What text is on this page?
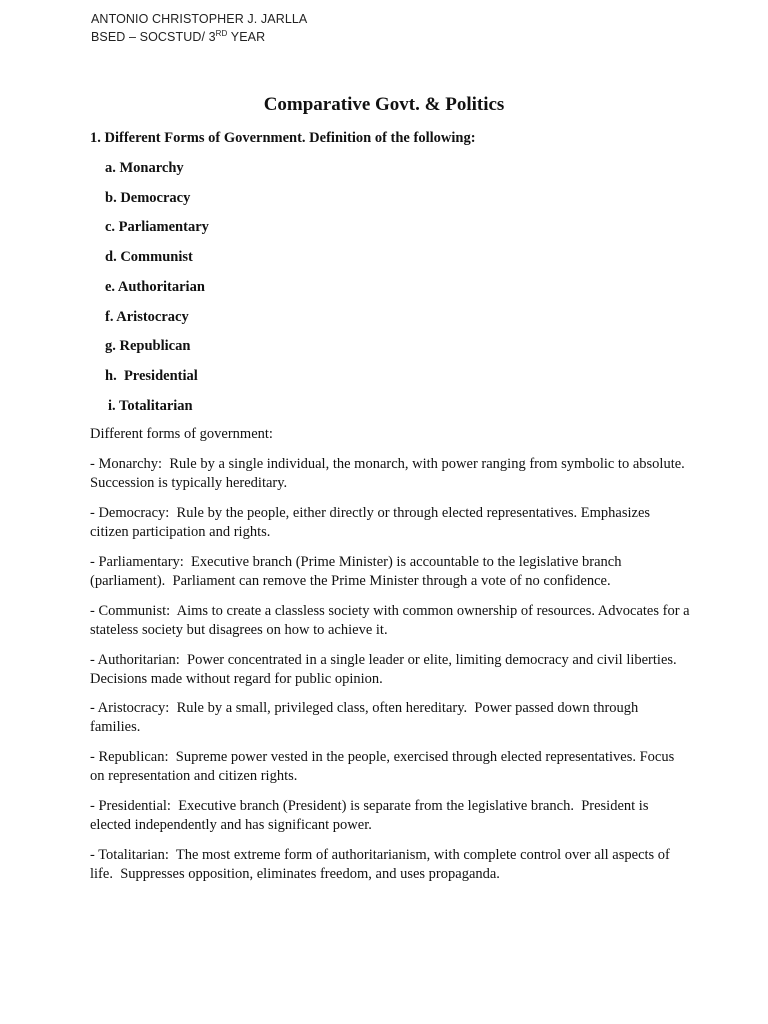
ANTONIO CHRISTOPHER J. JARLLA
BSED – SOCSTUD/ 3RD YEAR
Comparative Govt. & Politics
1. Different Forms of Government. Definition of the following:
a. Monarchy
b. Democracy
c. Parliamentary
d. Communist
e. Authoritarian
f. Aristocracy
g. Republican
h.  Presidential
i. Totalitarian
Different forms of government:
- Monarchy:  Rule by a single individual, the monarch, with power ranging from symbolic to absolute. Succession is typically hereditary.
- Democracy:  Rule by the people, either directly or through elected representatives. Emphasizes citizen participation and rights.
- Parliamentary:  Executive branch (Prime Minister) is accountable to the legislative branch (parliament).  Parliament can remove the Prime Minister through a vote of no confidence.
- Communist:  Aims to create a classless society with common ownership of resources. Advocates for a stateless society but disagrees on how to achieve it.
- Authoritarian:  Power concentrated in a single leader or elite, limiting democracy and civil liberties.  Decisions made without regard for public opinion.
- Aristocracy:  Rule by a small, privileged class, often hereditary.  Power passed down through families.
- Republican:  Supreme power vested in the people, exercised through elected representatives. Focus on representation and citizen rights.
- Presidential:  Executive branch (President) is separate from the legislative branch.  President is elected independently and has significant power.
- Totalitarian:  The most extreme form of authoritarianism, with complete control over all aspects of life.  Suppresses opposition, eliminates freedom, and uses propaganda.
